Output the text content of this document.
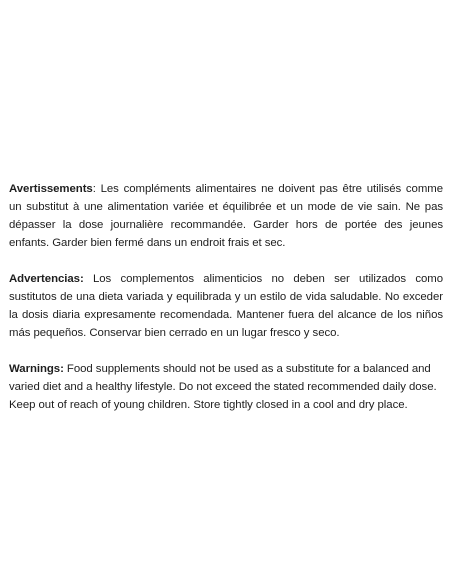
Avertissements: Les compléments alimentaires ne doivent pas être utilisés comme un substitut à une alimentation variée et équilibrée et un mode de vie sain. Ne pas dépasser la dose journalière recommandée. Garder hors de portée des jeunes enfants. Garder bien fermé dans un endroit frais et sec.

Advertencias: Los complementos alimenticios no deben ser utilizados como sustitutos de una dieta variada y equilibrada y un estilo de vida saludable. No exceder la dosis diaria expresamente recomendada. Mantener fuera del alcance de los niños más pequeños. Conservar bien cerrado en un lugar fresco y seco.

Warnings: Food supplements should not be used as a substitute for a balanced and varied diet and a healthy lifestyle. Do not exceed the stated recommended daily dose. Keep out of reach of young children. Store tightly closed in a cool and dry place.
